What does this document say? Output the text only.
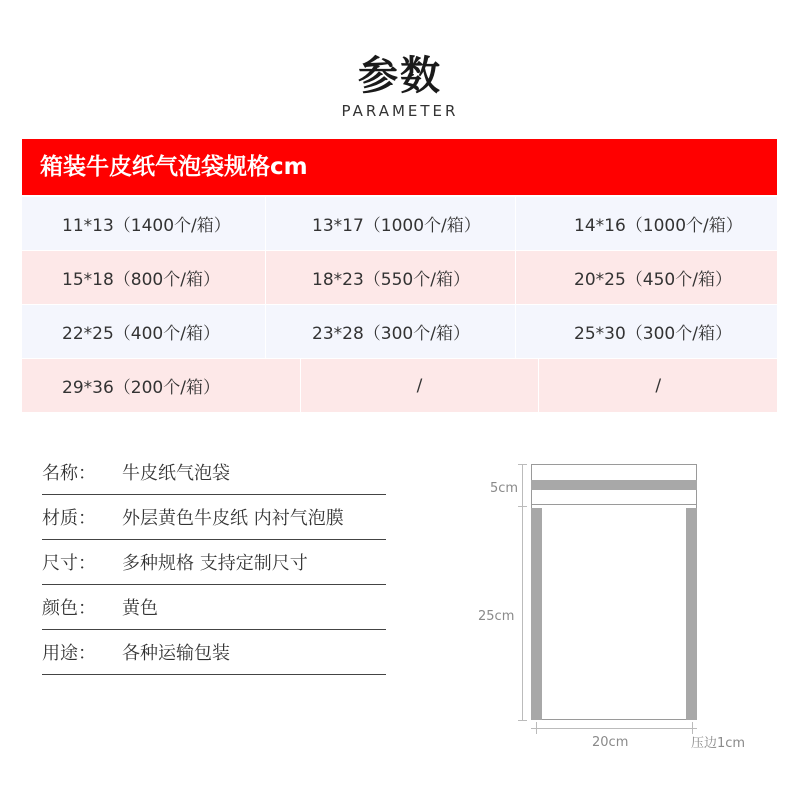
参数
PARAMETER
箱装牛皮纸气泡袋规格cm
11*13（1400个/箱）	13*17（1000个/箱）	14*16（1000个/箱）
15*18（800个/箱）	18*23（550个/箱）	20*25（450个/箱）
22*25（400个/箱）	23*28（300个/箱）	25*30（300个/箱）
29*36（200个/箱）	/	/
名称：	牛皮纸气泡袋
材质：	外层黄色牛皮纸 内衬气泡膜
尺寸：	多种规格 支持定制尺寸
颜色：	黄色
用途：	各种运输包装
5cm
25cm
20cm	压边1cm
